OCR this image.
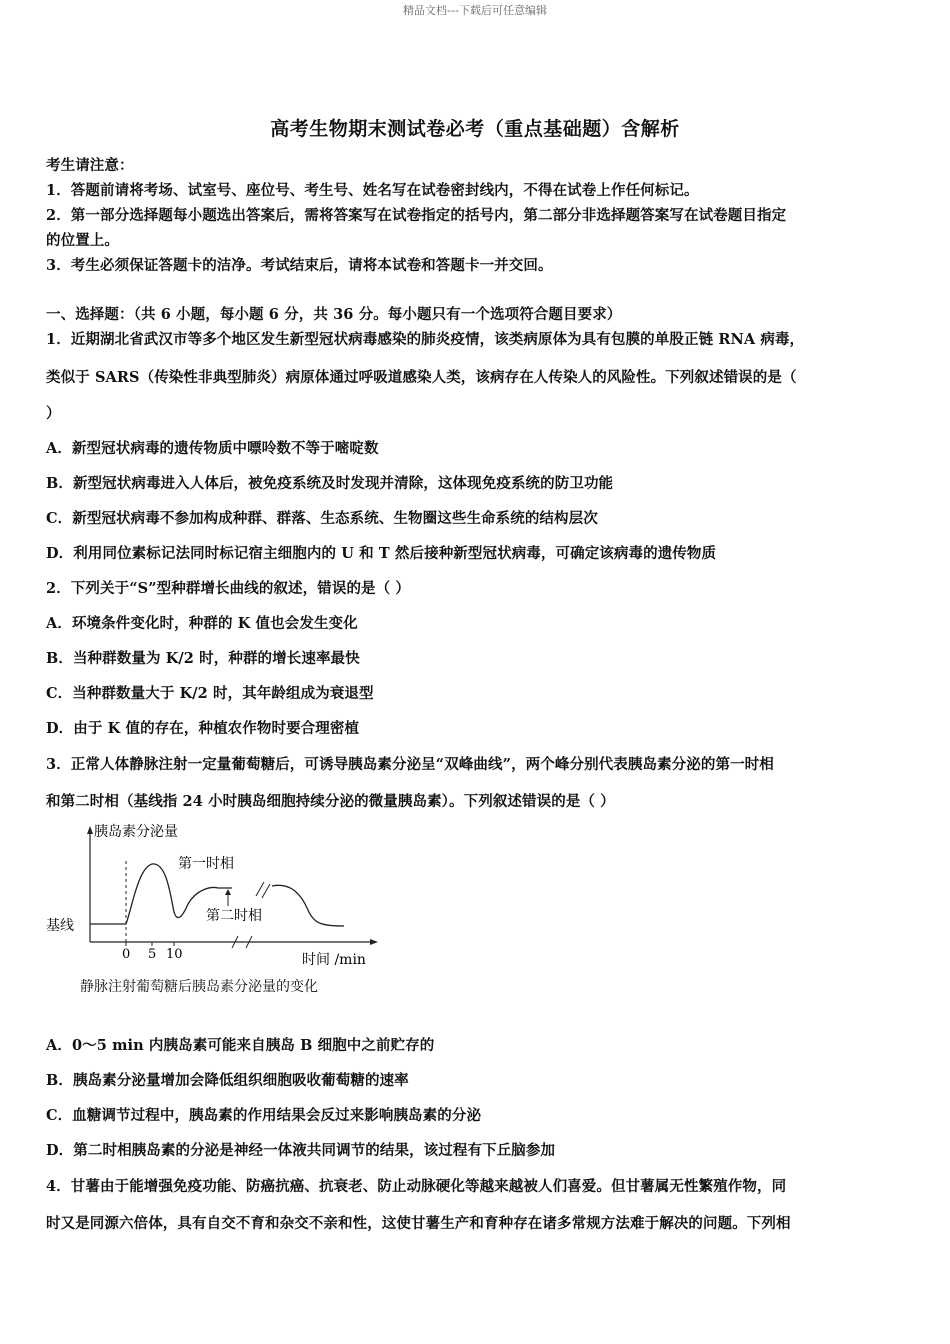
精品文档---下载后可任意编辑
高考生物期末测试卷必考（重点基础题）含解析
考生请注意：
1．答题前请将考场、试室号、座位号、考生号、姓名写在试卷密封线内，不得在试卷上作任何标记。
2．第一部分选择题每小题选出答案后，需将答案写在试卷指定的括号内，第二部分非选择题答案写在试卷题目指定
的位置上。
3．考生必须保证答题卡的洁净。考试结束后，请将本试卷和答题卡一并交回。
一、选择题：（共 6 小题，每小题 6 分，共 36 分。每小题只有一个选项符合题目要求）
1．近期湖北省武汉市等多个地区发生新型冠状病毒感染的肺炎疫情，该类病原体为具有包膜的单股正链 RNA 病毒，
类似于 SARS（传染性非典型肺炎）病原体通过呼吸道感染人类，该病存在人传染人的风险性。下列叙述错误的是（
）
A．新型冠状病毒的遗传物质中嘌呤数不等于嘧啶数
B．新型冠状病毒进入人体后，被免疫系统及时发现并清除，这体现免疫系统的防卫功能
C．新型冠状病毒不参加构成种群、群落、生态系统、生物圈这些生命系统的结构层次
D．利用同位素标记法同时标记宿主细胞内的 U 和 T 然后接种新型冠状病毒，可确定该病毒的遗传物质
2．下列关于“S”型种群增长曲线的叙述，错误的是（ ）
A．环境条件变化时，种群的 K 值也会发生变化
B．当种群数量为 K/2 时，种群的增长速率最快
C．当种群数量大于 K/2 时，其年龄组成为衰退型
D．由于 K 值的存在，种植农作物时要合理密植
3．正常人体静脉注射一定量葡萄糖后，可诱导胰岛素分泌呈“双峰曲线”，两个峰分别代表胰岛素分泌的第一时相
和第二时相（基线指 24 小时胰岛细胞持续分泌的微量胰岛素）。下列叙述错误的是（ ）
胰岛素分泌量
基线
第一时相
第二时相
0 5 10	时间 /min
静脉注射葡萄糖后胰岛素分泌量的变化
A．0～5 min 内胰岛素可能来自胰岛 B 细胞中之前贮存的
B．胰岛素分泌量增加会降低组织细胞吸收葡萄糖的速率
C．血糖调节过程中，胰岛素的作用结果会反过来影响胰岛素的分泌
D．第二时相胰岛素的分泌是神经一体液共同调节的结果，该过程有下丘脑参加
4．甘薯由于能增强免疫功能、防癌抗癌、抗衰老、防止动脉硬化等越来越被人们喜爱。但甘薯属无性繁殖作物，同
时又是同源六倍体，具有自交不育和杂交不亲和性，这使甘薯生产和育种存在诸多常规方法难于解决的问题。下列相
